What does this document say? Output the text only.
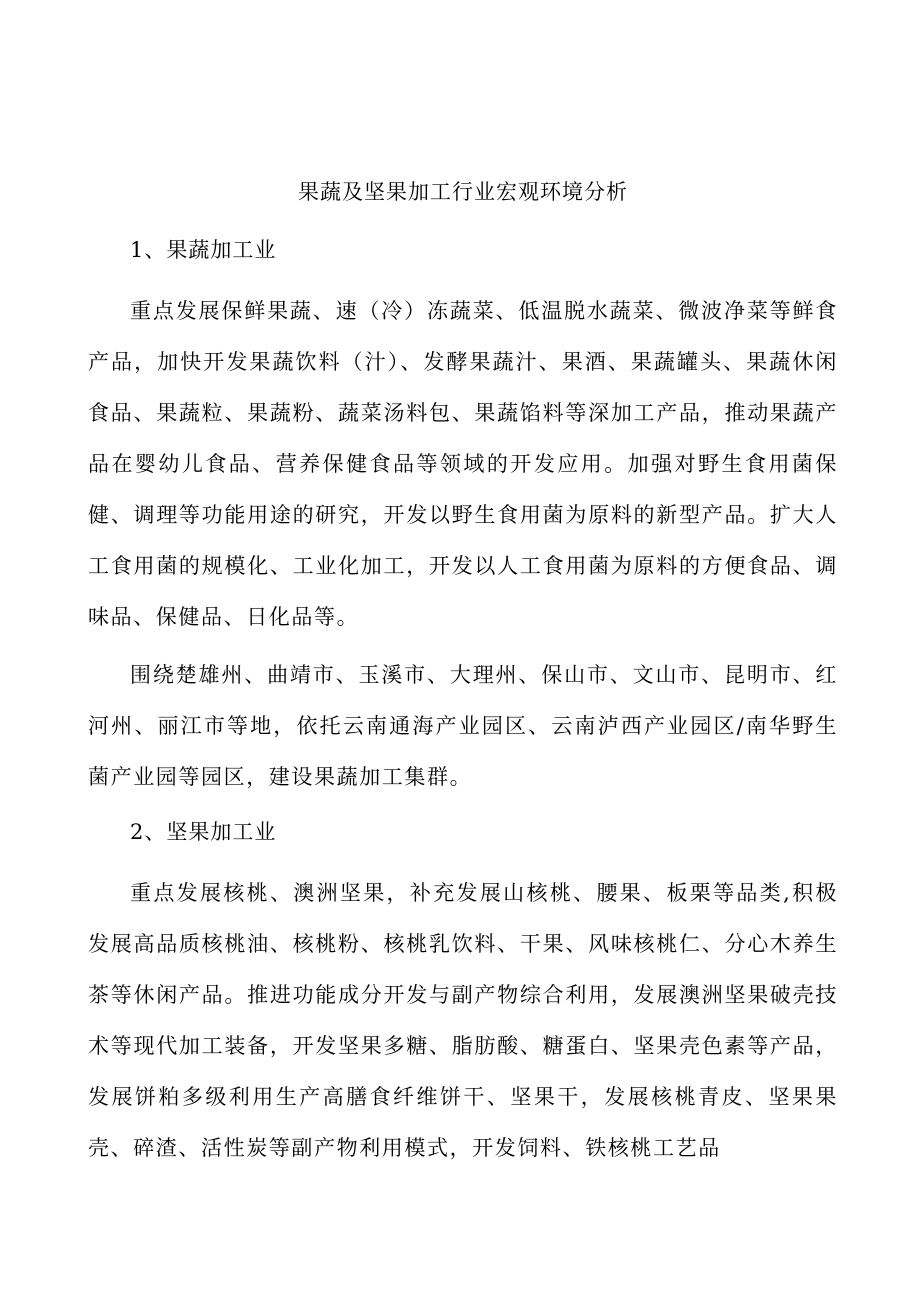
果蔬及坚果加工行业宏观环境分析
1、果蔬加工业

重点发展保鲜果蔬、速（冷）冻蔬菜、低温脱水蔬菜、微波净菜等鲜食产品，加快开发果蔬饮料（汁）、发酵果蔬汁、果酒、果蔬罐头、果蔬休闲食品、果蔬粒、果蔬粉、蔬菜汤料包、果蔬馅料等深加工产品，推动果蔬产品在婴幼儿食品、营养保健食品等领域的开发应用。加强对野生食用菌保健、调理等功能用途的研究，开发以野生食用菌为原料的新型产品。扩大人工食用菌的规模化、工业化加工，开发以人工食用菌为原料的方便食品、调味品、保健品、日化品等。

围绕楚雄州、曲靖市、玉溪市、大理州、保山市、文山市、昆明市、红河州、丽江市等地，依托云南通海产业园区、云南泸西产业园区/南华野生菌产业园等园区，建设果蔬加工集群。

2、坚果加工业

重点发展核桃、澳洲坚果，补充发展山核桃、腰果、板栗等品类,积极发展高品质核桃油、核桃粉、核桃乳饮料、干果、风味核桃仁、分心木养生茶等休闲产品。推进功能成分开发与副产物综合利用，发展澳洲坚果破壳技术等现代加工装备，开发坚果多糖、脂肪酸、糖蛋白、坚果壳色素等产品，发展饼粕多级利用生产高膳食纤维饼干、坚果干，发展核桃青皮、坚果果壳、碎渣、活性炭等副产物利用模式，开发饲料、铁核桃工艺品
